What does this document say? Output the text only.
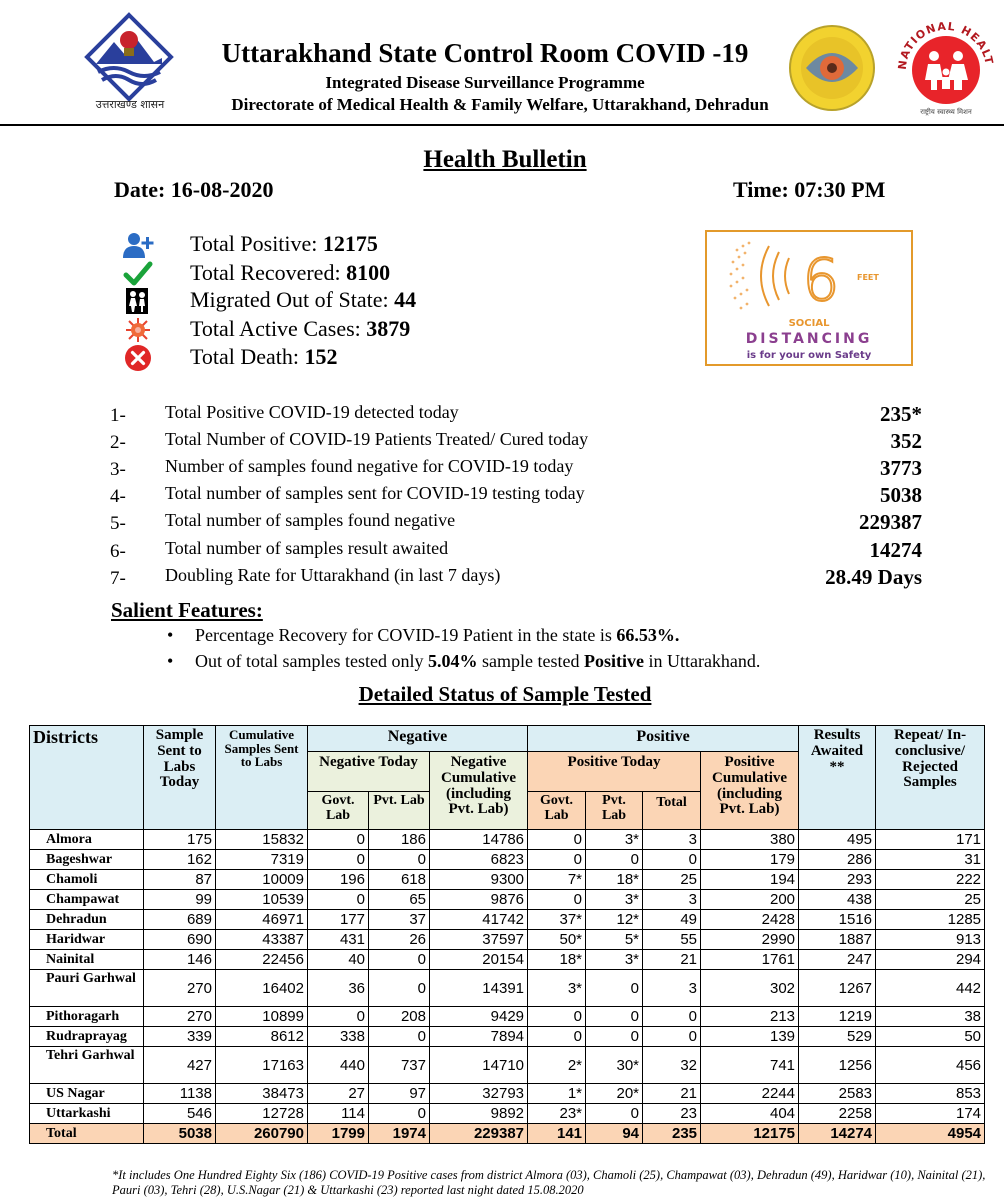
उत्तराखण्ड शासन
Uttarakhand State Control Room COVID -19
Integrated Disease Surveillance Programme
Directorate of Medical Health & Family Welfare, Uttarakhand, Dehradun
NATIONAL HEALT
राष्ट्रीय स्वास्थ्य मिशन
Health Bulletin
Date: 16-08-2020	Time: 07:30 PM
Total Positive: 12175
Total Recovered: 8100
Migrated Out of State: 44
Total Active Cases: 3879
Total Death: 152
6 FEET
SOCIAL
DISTANCING
is for your own Safety
1- Total Positive COVID-19 detected today	235*
2- Total Number of COVID-19 Patients Treated/ Cured today	352
3- Number of samples found negative for COVID-19 today	3773
4- Total number of samples sent for COVID-19 testing today	5038
5- Total number of samples found negative	229387
6- Total number of samples result awaited	14274
7- Doubling Rate for Uttarakhand (in last 7 days)	28.49 Days
Salient Features:
• Percentage Recovery for COVID-19 Patient in the state is 66.53%.
• Out of total samples tested only 5.04% sample tested Positive in Uttarakhand.
Detailed Status of Sample Tested
Districts	Sample Sent to Labs Today	Cumulative Samples Sent to Labs	Negative			Positive				Results Awaited **	Repeat/ In-conclusive/ Rejected Samples
			Negative Today		Negative Cumulative (including Pvt. Lab)	Positive Today			Positive Cumulative (including Pvt. Lab)		
			Govt. Lab	Pvt. Lab		Govt. Lab	Pvt. Lab	Total			
Almora	175	15832	0	186	14786	0	3*	3	380	495	171
Bageshwar	162	7319	0	0	6823	0	0	0	179	286	31
Chamoli	87	10009	196	618	9300	7*	18*	25	194	293	222
Champawat	99	10539	0	65	9876	0	3*	3	200	438	25
Dehradun	689	46971	177	37	41742	37*	12*	49	2428	1516	1285
Haridwar	690	43387	431	26	37597	50*	5*	55	2990	1887	913
Nainital	146	22456	40	0	20154	18*	3*	21	1761	247	294
Pauri Garhwal	270	16402	36	0	14391	3*	0	3	302	1267	442
Pithoragarh	270	10899	0	208	9429	0	0	0	213	1219	38
Rudraprayag	339	8612	338	0	7894	0	0	0	139	529	50
Tehri Garhwal	427	17163	440	737	14710	2*	30*	32	741	1256	456
US Nagar	1138	38473	27	97	32793	1*	20*	21	2244	2583	853
Uttarkashi	546	12728	114	0	9892	23*	0	23	404	2258	174
Total	5038	260790	1799	1974	229387	141	94	235	12175	14274	4954
*It includes One Hundred Eighty Six (186) COVID-19 Positive cases from district Almora (03), Chamoli (25), Champawat (03), Dehradun (49), Haridwar (10), Nainital (21), Pauri (03), Tehri (28), U.S.Nagar (21) & Uttarkashi (23) reported last night dated 15.08.2020
